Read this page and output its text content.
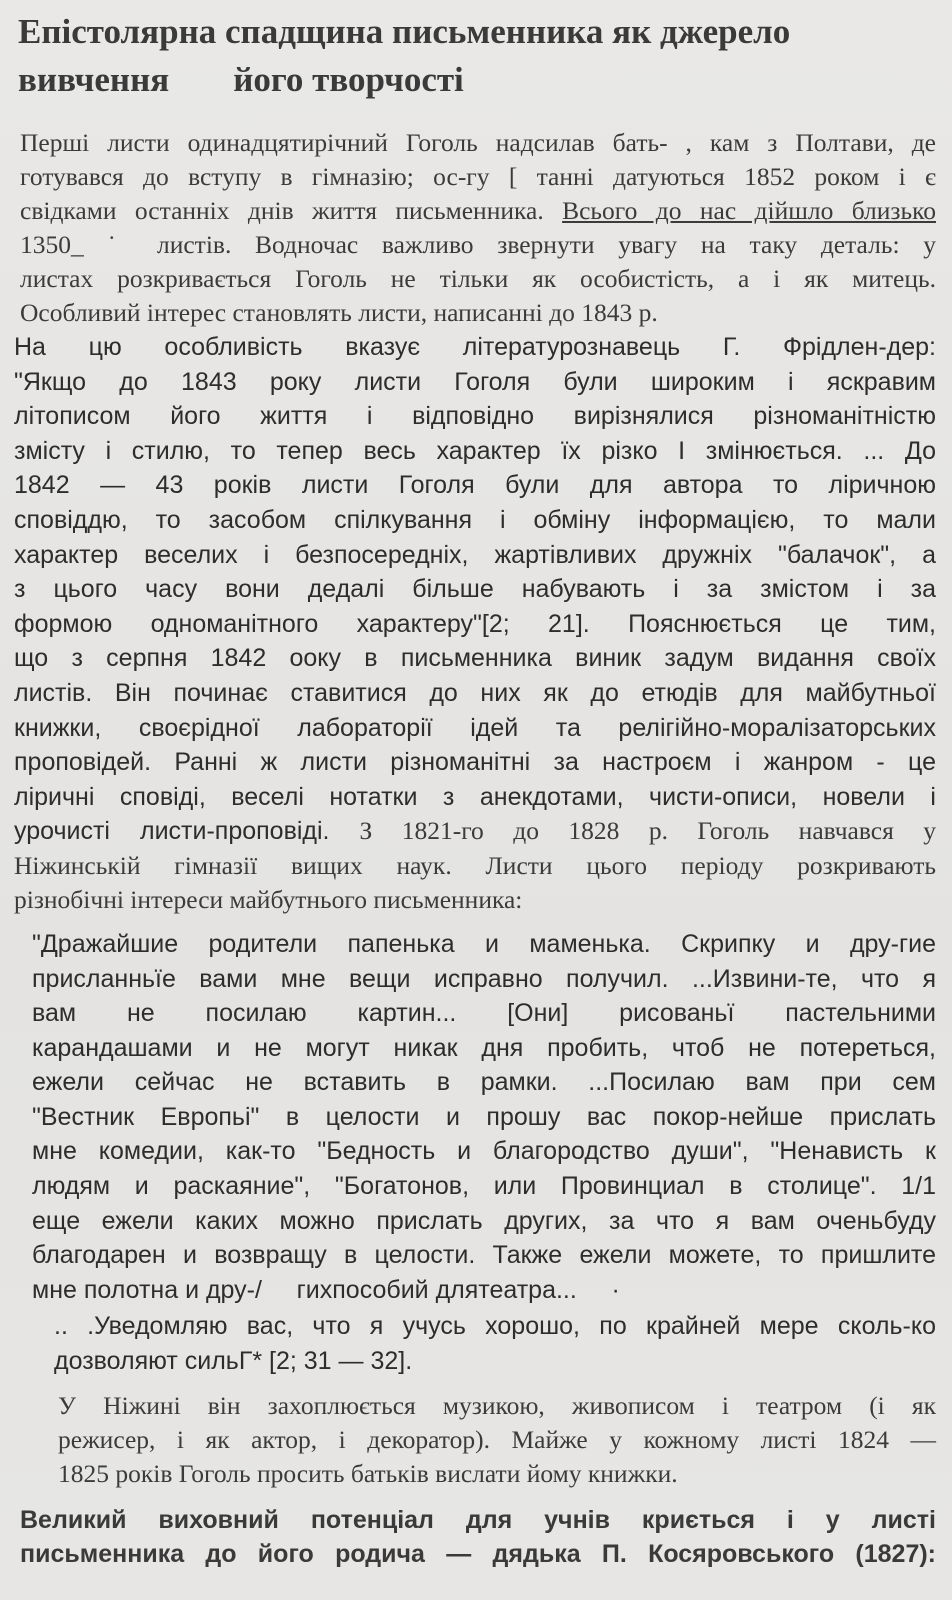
Епістолярна спадщина письменника як джерело
вивчення його творчості
Перші листи одинадцятирічний Гоголь надсилав бать- , кам з Полтави, де
готувався до вступу в гімназію; ос-гу [ танні датуються 1852 роком і є
свідками останніх днів життя письменника. Всього до нас дійшло близько
1350_ ˙ листів. Водночас важливо звернути увагу на таку деталь: у
листах розкривається Гоголь не тільки як особистість, а і як митець.
Особливий інтерес становлять листи, написанні до 1843 р.
На цю особливість вказує літературознавець Г. Фрідлен-дер:
"Якщо до 1843 року листи Гоголя були широким і яскравим
літописом його життя і відповідно вирізнялися різноманітністю
змісту і стилю, то тепер весь характер їх різко І змінюється. ... До
1842 — 43 років листи Гоголя були для автора то ліричною
сповіддю, то засобом спілкування і обміну інформацією, то мали
характер веселих і безпосередніх, жартівливих дружніх "балачок", а
з цього часу вони дедалі більше набувають і за змістом і за
формою одноманітного характеру"[2; 21]. Пояснюється це тим,
що з серпня 1842 ооку в письменника виник задум видання своїх
листів. Він починає ставитися до них як до етюдів для майбутньої
книжки, своєрідної лабораторії ідей та релігійно-моралізаторських
проповідей. Ранні ж листи різноманітні за настроєм і жанром - це
ліричні сповіді, веселі нотатки з анекдотами, чисти-описи, новели і
урочисті листи-проповіді. З 1821-го до 1828 р. Гоголь навчався у
Ніжинській гімназії вищих наук. Листи цього періоду розкривають
різнобічні інтереси майбутнього письменника:
"Дражайшие родители папенька и маменька. Скрипку и дру-гие
присланньїе вами мне вещи исправно получил. ...Извини-те, что я
вам не посилаю картин... [Они] рисованьї пастельними
карандашами и не могут никак дня пробить, чтоб не потереться,
ежели сейчас не вставить в рамки. ...Посилаю вам при сем
"Вестник Европьі" в целости и прошу вас покор-нейше прислать
мне комедии, как-то "Бедность и благородство души", "Ненависть к
людям и раскаяние", "Богатонов, или Провинциал в столице". 1/1
еще ежели каких можно прислать других, за что я вам оченьбуду
благодарен и возвращу в целости. Также ежели можете, то пришлите
мне полотна и дру-/     гихпособий длятеатра...     ·
.. .Уведомляю вас, что я учусь хорошо, по крайней мере сколь-ко
дозволяют сильГ* [2; 31 — 32].
У Ніжині він захоплюється музикою, живописом і театром (і як
режисер, і як актор, і декоратор). Майже у кожному листі 1824 —
1825 років Гоголь просить батьків вислати йому книжки.
Великий виховний потенціал для учнів криється і у листі
письменника до його родича — дядька П. Косяровського (1827):
